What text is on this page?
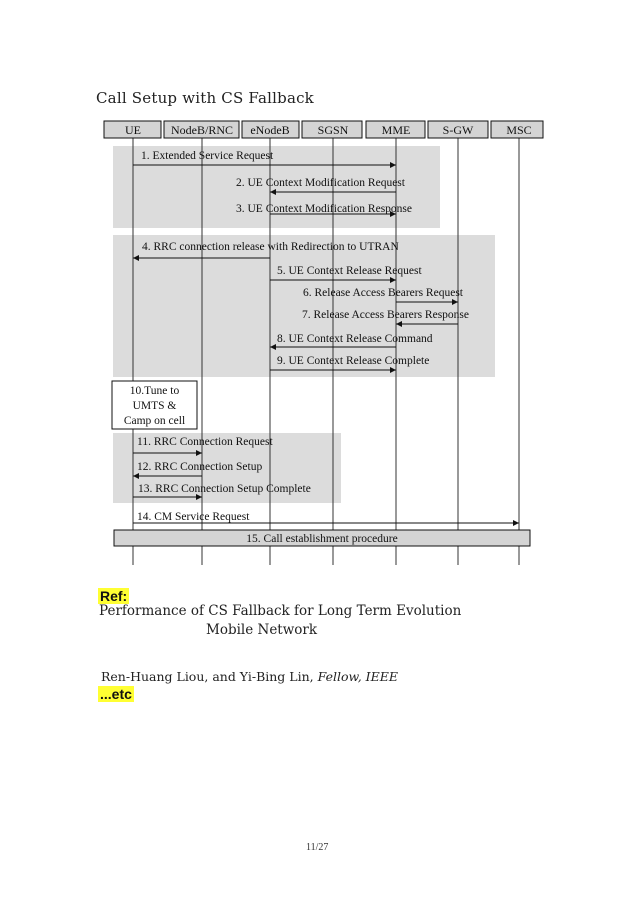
Call Setup with CS Fallback
UE NodeB/RNC eNodeB SGSN	MME	S-GW	MSC
1. Extended Service Request
2. UE Context Modification Request
3. UE Context Modification Response
4. RRC connection release with Redirection to UTRAN
5. UE Context Release Request
6. Release Access Bearers Request
7. Release Access Bearers Response
8. UE Context Release Command
9. UE Context Release Complete
11. RRC Connection Request
12. RRC Connection Setup
13. RRC Connection Setup Complete
14. CM Service Request
10.Tune to
UMTS &
Camp on cell
15. Call establishment procedure
Ref:
Performance of CS Fallback for Long Term Evolution
Mobile Network
Ren-Huang Liou, and Yi-Bing Lin, Fellow, IEEE
...etc
11/27
